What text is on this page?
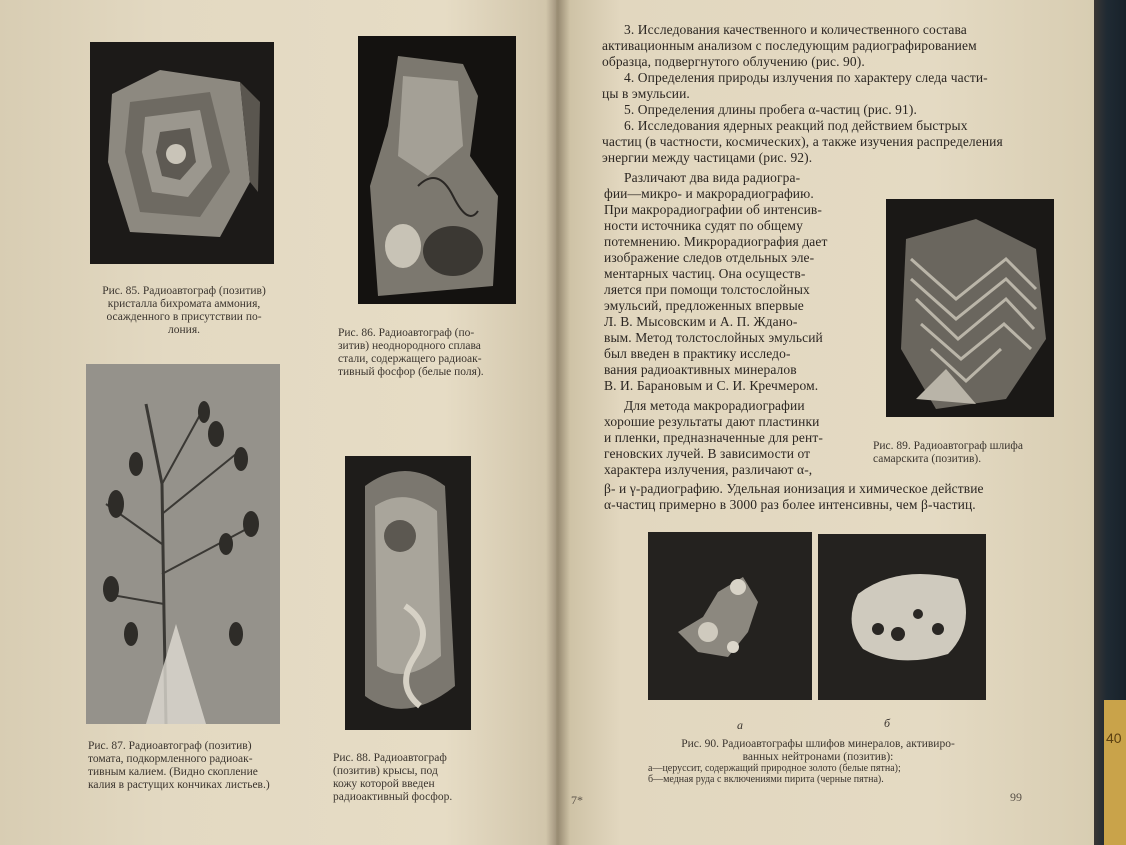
40
Рис. 85. Радиоавтограф (позитив)
кристалла бихромата аммония,
осажденного в присутствии по-
лония.	Рис. 86. Радиоавтограф (по-
зитив) неоднородного сплава
стали, содержащего радиоак-
тивный фосфор (белые поля).
Рис. 87. Радиоавтограф (позитив)
томата, подкормленного радиоак-
тивным калием. (Видно скопление
калия в растущих кончиках листьев.)
Рис. 88. Радиоавтограф
(позитив) крысы, под
кожу которой введен
радиоактивный фосфор.	7*
3. Исследования качественного и количественного состава
активационным анализом с последующим радиографированием
образца, подвергнутого облучению (рис. 90).
4. Определения природы излучения по характеру следа части-
цы в эмульсии.
5. Определения длины пробега α-частиц (рис. 91).
6. Исследования ядерных реакций под действием быстрых
частиц (в частности, космических), а также изучения распределения
энергии между частицами (рис. 92).
Различают два вида радиогра-
фии—микро- и макрорадиографию.
При макрорадиографии об интенсив-
ности источника судят по общему
потемнению. Микрорадиография дает
изображение следов отдельных эле-
ментарных частиц. Она осуществ-
ляется при помощи толстослойных
эмульсий, предложенных впервые
Л. В. Мысовским и А. П. Ждано-
вым. Метод толстослойных эмульсий
был введен в практику исследо-
вания радиоактивных минералов
В. И. Барановым и С. И. Кречмером.
Для метода макрорадиографии
хорошие результаты дают пластинки
и пленки, предназначенные для рент-
геновских лучей. В зависимости от
характера излучения, различают α-,
β- и γ-радиографию. Удельная ионизация и химическое действие
α-частиц примерно в 3000 раз более интенсивны, чем β-частиц.
Рис. 89. Радиоавтограф шлифа
самарскита (позитив).
а	б
Рис. 90. Радиоавтографы шлифов минералов, активиро-
ванных нейтронами (позитив):
а—церуссит, содержащий природное золото (белые пятна);
б—медная руда с включениями пирита (черные пятна).
99
